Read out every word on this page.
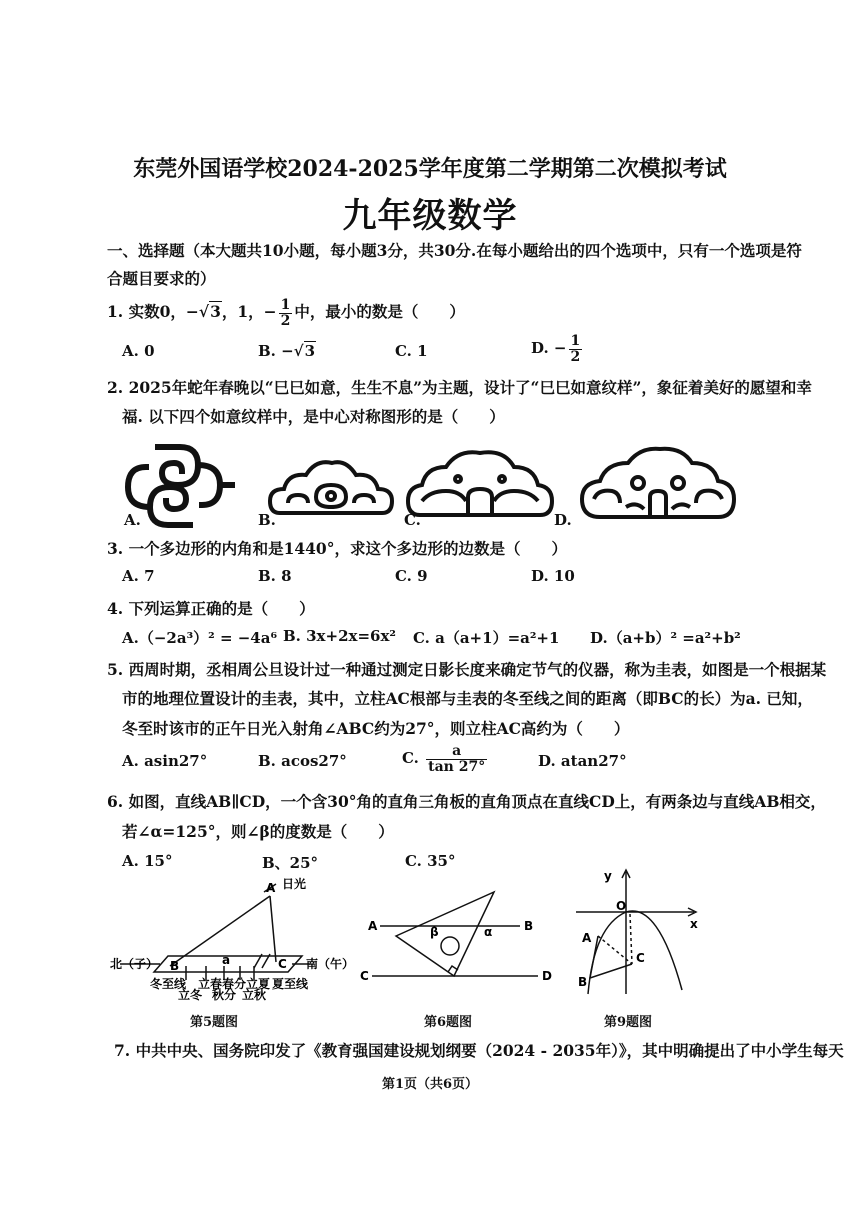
东莞外国语学校2024-2025学年度第二学期第二次模拟考试
九年级数学
一、选择题（本大题共10小题，每小题3分，共30分.在每小题给出的四个选项中，只有一个选项是符
合题目要求的）
1. 实数0，−√3，1，− $\frac{1}{2}$ 中，最小的数是（　　）
A. 0	B. −√3	C. 1	D. − $\frac{1}{2}$
2. 2025年蛇年春晚以“巳巳如意，生生不息”为主题，设计了“巳巳如意纹样”，象征着美好的愿望和幸
福. 以下四个如意纹样中，是中心对称图形的是（　　）
A.	B.	C.	D.
3. 一个多边形的内角和是1440°，求这个多边形的边数是（　　）
A. 7	B. 8	C. 9	D. 10
4. 下列运算正确的是（　　）
A.（−2a³）² = −4a⁶ B. 3x+2x=6x² C. a（a+1）=a²+1 D.（a+b）² =a²+b²
5. 西周时期，丞相周公旦设计过一种通过测定日影长度来确定节气的仪器，称为圭表，如图是一个根据某
市的地理位置设计的圭表，其中，立柱AC根部与圭表的冬至线之间的距离（即BC的长）为a. 已知，
冬至时该市的正午日光入射角∠ABC约为27°，则立柱AC高约为（　　）
A. asin27°	B. acos27°	C. $\frac{a}{\tan 27^\circ}$	D. atan27°
6. 如图，直线AB∥CD，一个含30°角的直角三角板的直角顶点在直线CD上，有两条边与直线AB相交，
若∠α=125°，则∠β的度数是（　　）
A. 15°	B、25°	C. 35°
A 日光
北（子）	南（午）
B	C
a
冬至线 立春 春分 立夏 夏至线
立冬 秋分 立秋
第5题图
A	B
C	D
β	α
第6题图
y
x
O
A
B
C
第9题图
7. 中共中央、国务院印发了《教育强国建设规划纲要（2024 - 2035年）》，其中明确提出了中小学生每天
第1页（共6页）
